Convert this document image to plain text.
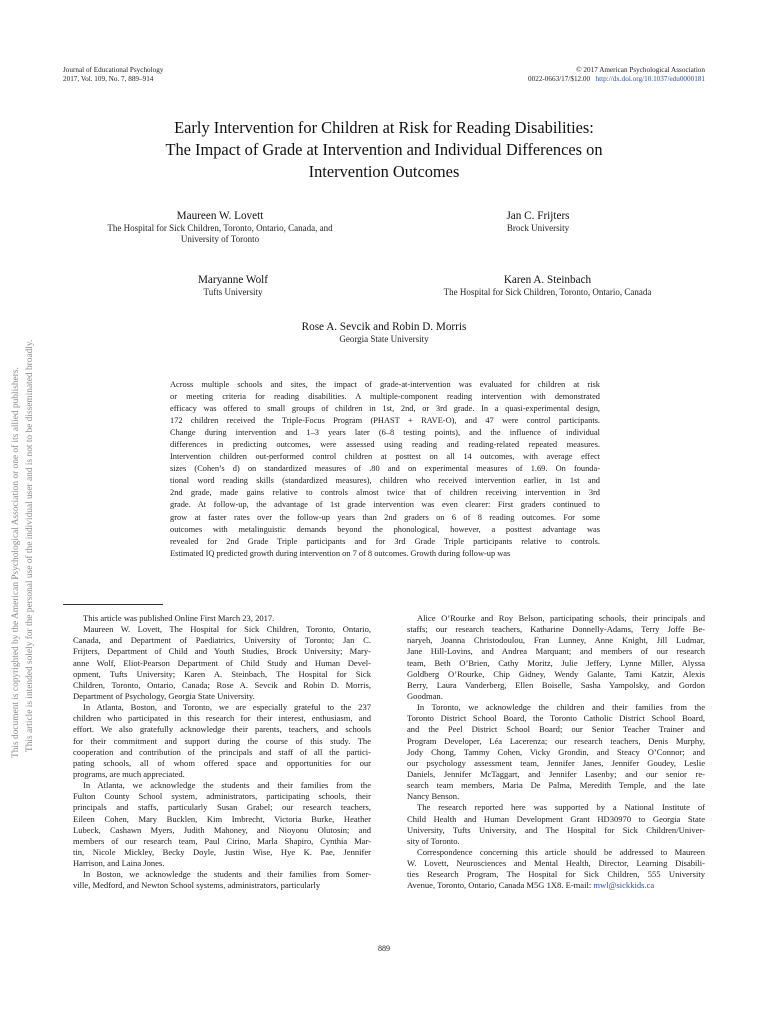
Journal of Educational Psychology
2017, Vol. 109, No. 7, 889–914
© 2017 American Psychological Association
0022-0663/17/$12.00 http://dx.doi.org/10.1037/edu0000181
Early Intervention for Children at Risk for Reading Disabilities:
The Impact of Grade at Intervention and Individual Differences on
Intervention Outcomes
Maureen W. Lovett
The Hospital for Sick Children, Toronto, Ontario, Canada, and
University of Toronto
Jan C. Frijters
Brock University
Maryanne Wolf
Tufts University
Karen A. Steinbach
The Hospital for Sick Children, Toronto, Ontario, Canada
Rose A. Sevcik and Robin D. Morris
Georgia State University
Across multiple schools and sites, the impact of grade-at-intervention was evaluated for children at risk
or meeting criteria for reading disabilities. A multiple-component reading intervention with demonstrated
efficacy was offered to small groups of children in 1st, 2nd, or 3rd grade. In a quasi-experimental design,
172 children received the Triple-Focus Program (PHAST + RAVE-O), and 47 were control participants.
Change during intervention and 1–3 years later (6–8 testing points), and the influence of individual
differences in predicting outcomes, were assessed using reading and reading-related repeated measures.
Intervention children out-performed control children at posttest on all 14 outcomes, with average effect
sizes (Cohen’s d) on standardized measures of .80 and on experimental measures of 1.69. On founda-
tional word reading skills (standardized measures), children who received intervention earlier, in 1st and
2nd grade, made gains relative to controls almost twice that of children receiving intervention in 3rd
grade. At follow-up, the advantage of 1st grade intervention was even clearer: First graders continued to
grow at faster rates over the follow-up years than 2nd graders on 6 of 8 reading outcomes. For some
outcomes with metalinguistic demands beyond the phonological, however, a posttest advantage was
revealed for 2nd Grade Triple participants and for 3rd Grade Triple participants relative to controls.
Estimated IQ predicted growth during intervention on 7 of 8 outcomes. Growth during follow-up was
This article was published Online First March 23, 2017.
Maureen W. Lovett, The Hospital for Sick Children, Toronto, Ontario,
Canada, and Department of Paediatrics, University of Toronto; Jan C.
Frijters, Department of Child and Youth Studies, Brock University; Mary-
anne Wolf, Eliot-Pearson Department of Child Study and Human Devel-
opment, Tufts University; Karen A. Steinbach, The Hospital for Sick
Children, Toronto, Ontario, Canada; Rose A. Sevcik and Robin D. Morris,
Department of Psychology, Georgia State University.
In Atlanta, Boston, and Toronto, we are especially grateful to the 237
children who participated in this research for their interest, enthusiasm, and
effort. We also gratefully acknowledge their parents, teachers, and schools
for their commitment and support during the course of this study. The
cooperation and contribution of the principals and staff of all the partici-
pating schools, all of whom offered space and opportunities for our
programs, are much appreciated.
In Atlanta, we acknowledge the students and their families from the
Fulton County School system, administrators, participating schools, their
principals and staffs, particularly Susan Grabel; our research teachers,
Eileen Cohen, Mary Bucklen, Kim Imbrecht, Victoria Burke, Heather
Lubeck, Cashawn Myers, Judith Mahoney, and Nioyonu Olutosin; and
members of our research team, Paul Cirino, Marla Shapiro, Cynthia Mar-
tin, Nicole Mickley, Becky Doyle, Justin Wise, Hye K. Pae, Jennifer
Harrison, and Laina Jones.
In Boston, we acknowledge the students and their families from Somer-
ville, Medford, and Newton School systems, administrators, particularly
Alice O’Rourke and Roy Belson, participating schools, their principals and
staffs; our research teachers, Katharine Donnelly-Adams, Terry Joffe Be-
naryeh, Joanna Christodoulou, Fran Lunney, Anne Knight, Jill Ludmar,
Jane Hill-Lovins, and Andrea Marquant; and members of our research
team, Beth O’Brien, Cathy Moritz, Julie Jeffery, Lynne Miller, Alyssa
Goldberg O’Rourke, Chip Gidney, Wendy Galante, Tami Katzir, Alexis
Berry, Laura Vanderberg, Ellen Boiselle, Sasha Yampolsky, and Gordon
Goodman.
In Toronto, we acknowledge the children and their families from the
Toronto District School Board, the Toronto Catholic District School Board,
and the Peel District School Board; our Senior Teacher Trainer and
Program Developer, Léa Lacerenza; our research teachers, Denis Murphy,
Jody Chong, Tammy Cohen, Vicky Grondin, and Steacy O’Connor; and
our psychology assessment team, Jennifer Janes, Jennifer Goudey, Leslie
Daniels, Jennifer McTaggart, and Jennifer Lasenby; and our senior re-
search team members, Maria De Palma, Meredith Temple, and the late
Nancy Benson.
The research reported here was supported by a National Institute of
Child Health and Human Development Grant HD30970 to Georgia State
University, Tufts University, and The Hospital for Sick Children/Univer-
sity of Toronto.
Correspondence concerning this article should be addressed to Maureen
W. Lovett, Neurosciences and Mental Health, Director, Learning Disabili-
ties Research Program, The Hospital for Sick Children, 555 University
Avenue, Toronto, Ontario, Canada M5G 1X8. E-mail: mwl@sickkids.ca
889
This document is copyrighted by the American Psychological Association or one of its allied publishers. This article is intended solely for the personal use of the individual user and is not to be disseminated broadly.
